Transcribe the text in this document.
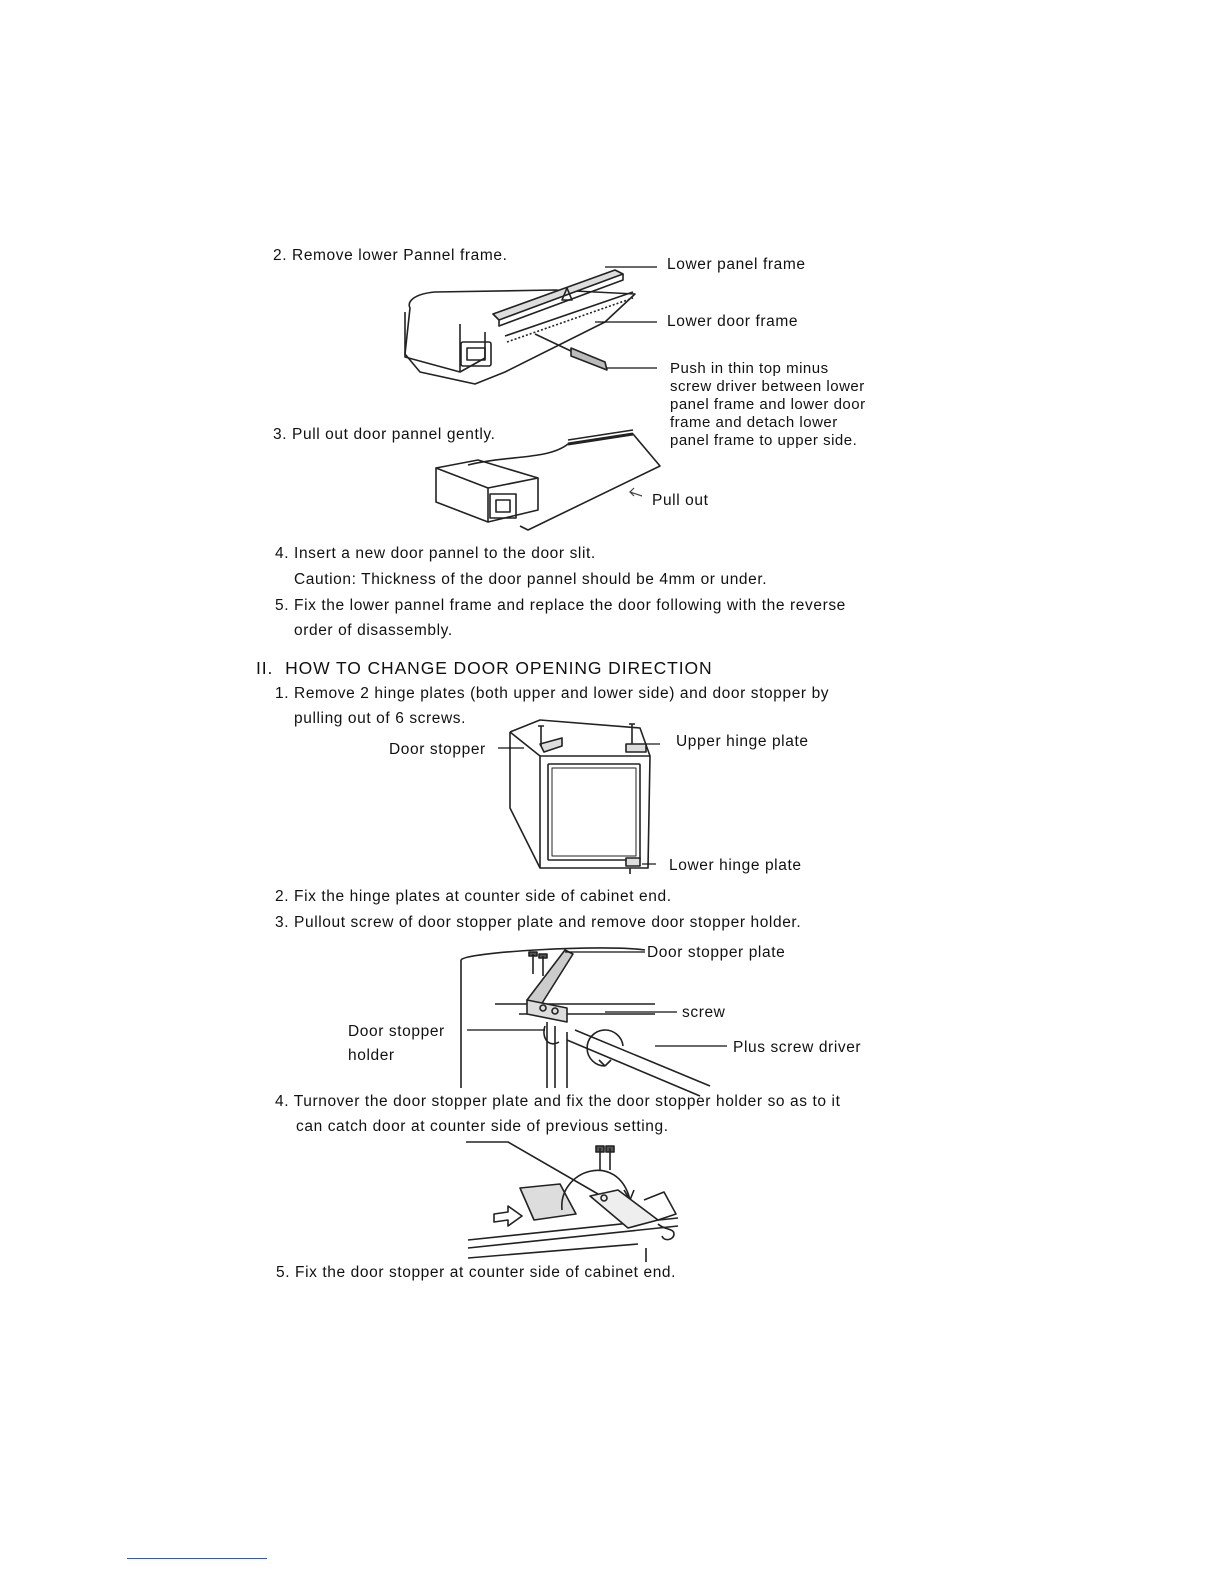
2. Remove lower Pannel frame.
3. Pull out door pannel gently.
Lower panel frame
Lower door frame
Push in thin top minus
screw driver between lower
panel frame and lower door
frame and detach lower
panel frame to upper side.
Pull out
4. Insert a new door pannel to the door slit.
Caution: Thickness of the door pannel should be 4mm or under.
5. Fix the lower pannel frame and replace the door following with the reverse
order of disassembly.
II. HOW TO CHANGE DOOR OPENING DIRECTION
1. Remove 2 hinge plates (both upper and lower side) and door stopper by
pulling out of 6 screws.
Door stopper	Upper hinge plate
Lower hinge plate
2. Fix the hinge plates at counter side of cabinet end.
3. Pullout screw of door stopper plate and remove door stopper holder.
Door stopper plate
screw
Door stopper
holder	Plus screw driver
4. Turnover the door stopper plate and fix the door stopper holder so as to it
can catch door at counter side of previous setting.
5. Fix the door stopper at counter side of cabinet end.
